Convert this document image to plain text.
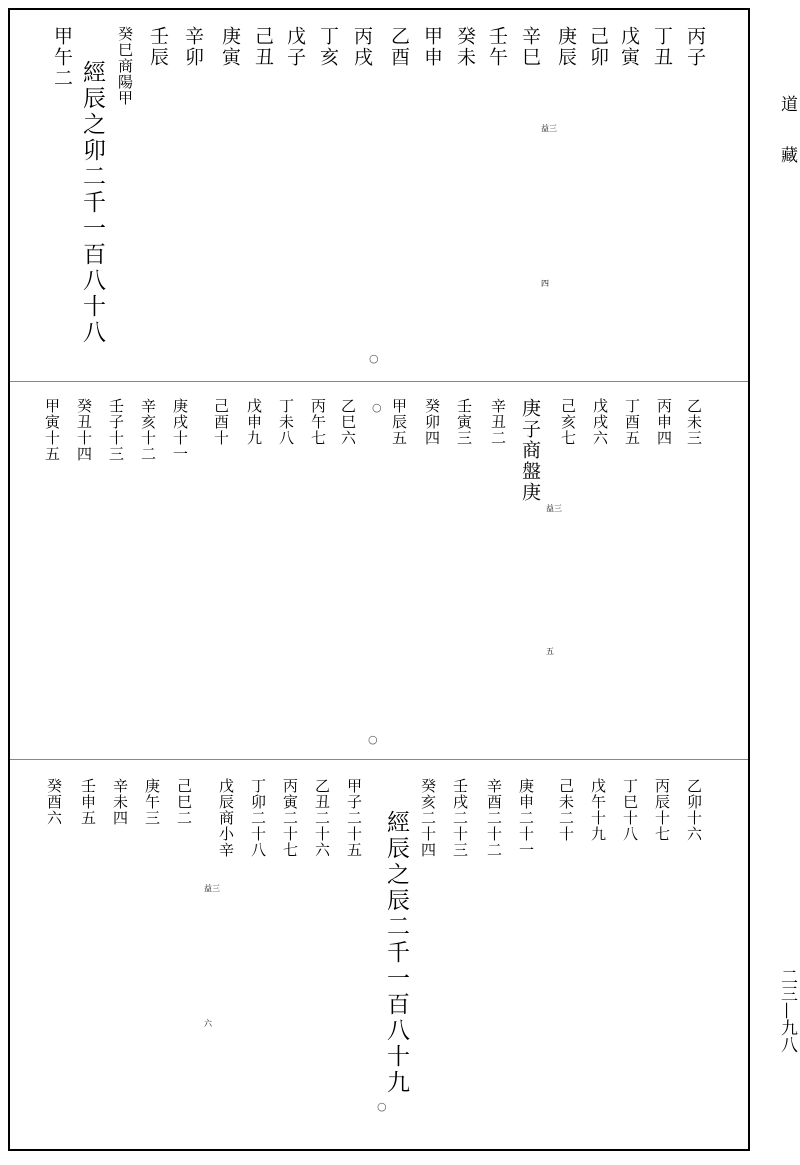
道　　藏
二三—九八
丙子
丁丑
戊寅
己卯
庚辰
辛巳
壬午
癸未
甲申
乙酉
丙戌
丁亥
戊子
己丑
庚寅
辛卯
壬辰
癸巳商陽甲
經辰之卯二千一百八十八
甲午二
益三
四
○
乙未三
丙申四
丁酉五
戊戌六
己亥七
庚子商盤庚
辛丑二
壬寅三
癸卯四
甲辰五
乙巳六
丙午七
丁未八
戊申九
己酉十
庚戌十一
辛亥十二
壬子十三
癸丑十四
甲寅十五
益三
五
○
○
乙卯十六
丙辰十七
丁巳十八
戊午十九
己未二十
庚申二十一
辛酉二十二
壬戌二十三
癸亥二十四
經辰之辰二千一百八十九
甲子二十五
乙丑二十六
丙寅二十七
丁卯二十八
戊辰商小辛
己巳二
庚午三
辛未四
壬申五
癸酉六
益三
六
○
